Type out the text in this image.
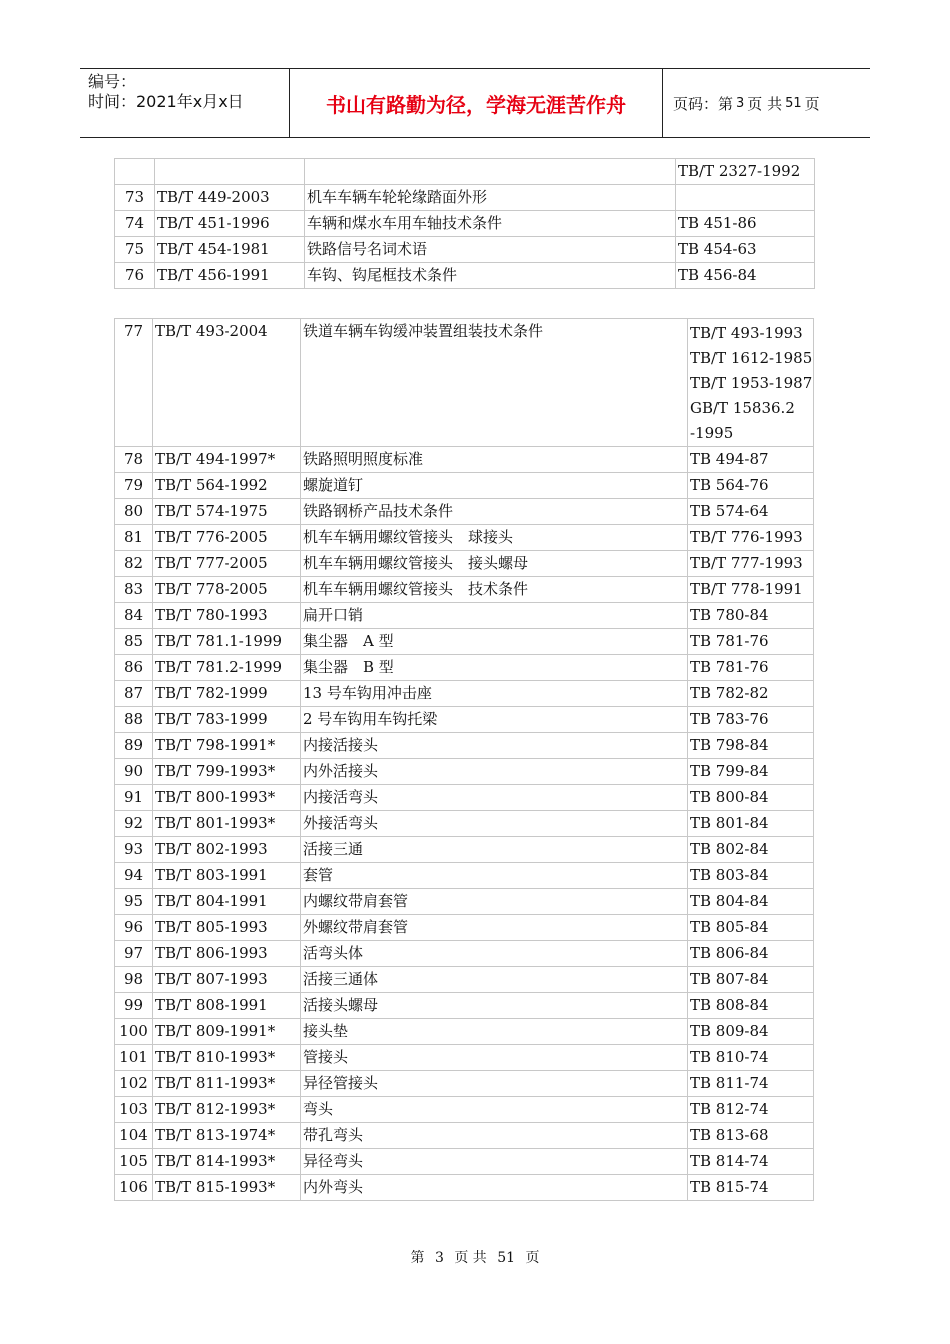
编号：
时间：2021年x月x日	书山有路勤为径，学海无涯苦作舟	页码：第 3 页 共 51 页
			TB/T 2327-1992
73	TB/T 449-2003	机车车辆车轮轮缘踏面外形	
74	TB/T 451-1996	车辆和煤水车用车轴技术条件	TB 451-86
75	TB/T 454-1981	铁路信号名词术语	TB 454-63
76	TB/T 456-1991	车钩、钩尾框技术条件	TB 456-84
77	TB/T 493-2004	铁道车辆车钩缓冲装置组装技术条件	TB/T 493-1993
TB/T 1612-1985
TB/T 1953-1987
GB/T 15836.2
-1995

78	TB/T 494-1997*	铁路照明照度标准	TB 494-87
79	TB/T 564-1992	螺旋道钉	TB 564-76
80	TB/T 574-1975	铁路钢桥产品技术条件	TB 574-64
81	TB/T 776-2005	机车车辆用螺纹管接头　球接头	TB/T 776-1993
82	TB/T 777-2005	机车车辆用螺纹管接头　接头螺母	TB/T 777-1993
83	TB/T 778-2005	机车车辆用螺纹管接头　技术条件	TB/T 778-1991
84	TB/T 780-1993	扁开口销	TB 780-84
85	TB/T 781.1-1999	集尘器　A 型	TB 781-76
86	TB/T 781.2-1999	集尘器　B 型	TB 781-76
87	TB/T 782-1999	13 号车钩用冲击座	TB 782-82
88	TB/T 783-1999	2 号车钩用车钩托梁	TB 783-76
89	TB/T 798-1991*	内接活接头	TB 798-84
90	TB/T 799-1993*	内外活接头	TB 799-84
91	TB/T 800-1993*	内接活弯头	TB 800-84
92	TB/T 801-1993*	外接活弯头	TB 801-84
93	TB/T 802-1993	活接三通	TB 802-84
94	TB/T 803-1991	套管	TB 803-84
95	TB/T 804-1991	内螺纹带肩套管	TB 804-84
96	TB/T 805-1993	外螺纹带肩套管	TB 805-84
97	TB/T 806-1993	活弯头体	TB 806-84
98	TB/T 807-1993	活接三通体	TB 807-84
99	TB/T 808-1991	活接头螺母	TB 808-84
100	TB/T 809-1991*	接头垫	TB 809-84
101	TB/T 810-1993*	管接头	TB 810-74
102	TB/T 811-1993*	异径管接头	TB 811-74
103	TB/T 812-1993*	弯头	TB 812-74
104	TB/T 813-1974*	带孔弯头	TB 813-68
105	TB/T 814-1993*	异径弯头	TB 814-74
106	TB/T 815-1993*	内外弯头	TB 815-74
第 3 页 共 51 页
